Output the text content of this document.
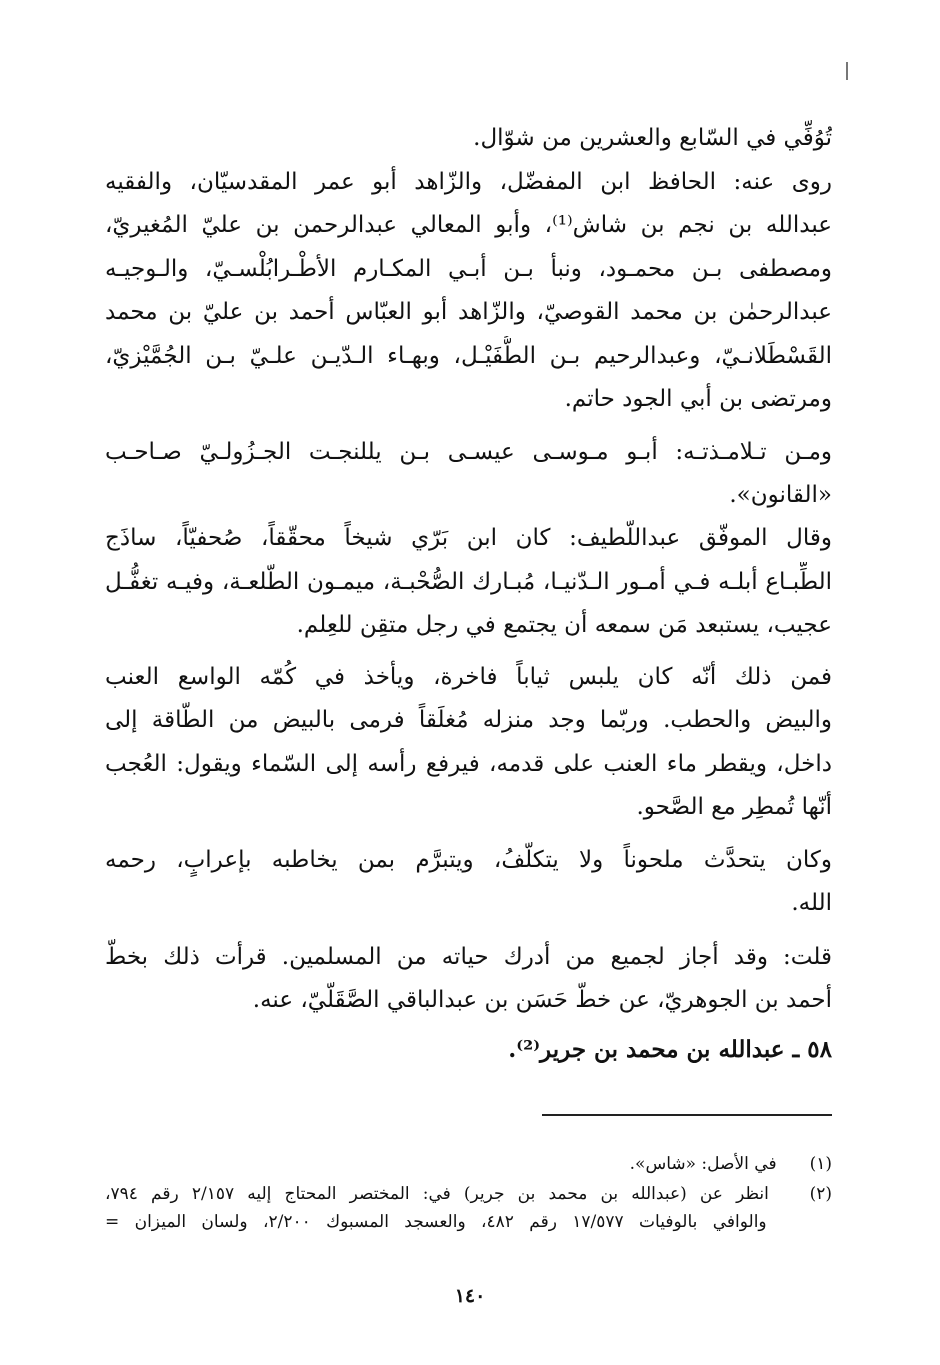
تُوُفِّي في السّابع والعشرين من شوّال.
روى عنه: الحافظ ابن المفضّل، والزّاهد أبو عمر المقدسيّان، والفقيه
عبدالله بن نجم بن شاش⁽¹⁾، وأبو المعالي عبدالرحمن بن عليّ المُغيريّ،
ومصطفى بـن محمـود، ونبأ بـن أبـي المكـارم الأطْـرابُلْسـيّ، والـوجيـه
عبدالرحمٰن بن محمد القوصيّ، والزّاهد أبو العبّاس أحمد بن عليّ بن محمد
القَسْطَلانـيّ، وعبدالرحيم بـن الطُّفَيْـل، وبهـاء الـدّيـن علـيّ بـن الجُمَّيْزيّ،
ومرتضى بن أبي الجود حاتم.
ومـن تـلامـذتـه: أبـو مـوسـى عيسـى بـن يللنجـت الجـزُولـيّ صـاحـب
«القانون».
وقال الموفّق عبداللّطيف: كان ابن بَرّي شيخاً محقّقاً، صُحفيّاً، ساذَج
الطِّبـاع أبلـه فـي أمـور الـدّنيـا، مُبـارك الصُّحْبـة، ميمـون الطّلعـة، وفيـه تغفُّـل
عجيب، يستبعد مَن سمعه أن يجتمع في رجل متقِن للعِلم.
فمن ذلك أنّه كان يلبس ثياباً فاخرة، ويأخذ في كُمّه الواسع العنب
والبيض والحطب. وربّما وجد منزله مُغلَقاً فرمى بالبيض من الطّاقة إلى
داخل، ويقطر ماء العنب على قدمه، فيرفع رأسه إلى السّماء ويقول: العُجب
أنّها تُمطِر مع الصَّحو.
وكان يتحدَّث ملحوناً ولا يتكلّفُ، ويتبرَّم بمن يخاطبه بإعرابٍ، رحمه
الله.
قلت: وقد أجاز لجميع من أدرك حياته من المسلمين. قرأت ذلك بخطّ
أحمد بن الجوهريّ، عن خطّ حَسَن بن عبدالباقي الصَّقَلّيّ، عنه.
٥٨ ـ عبدالله بن محمد بن جرير⁽²⁾.
(١) في الأصل: «شاس».
(٢) انظر عن (عبدالله بن محمد بن جرير) في: المختصر المحتاج إليه ٢/١٥٧ رقم ٧٩٤،
والوافي بالوفيات ١٧/٥٧٧ رقم ٤٨٢، والعسجد المسبوك ٢/٢٠٠، ولسان الميزان =
١٤٠
